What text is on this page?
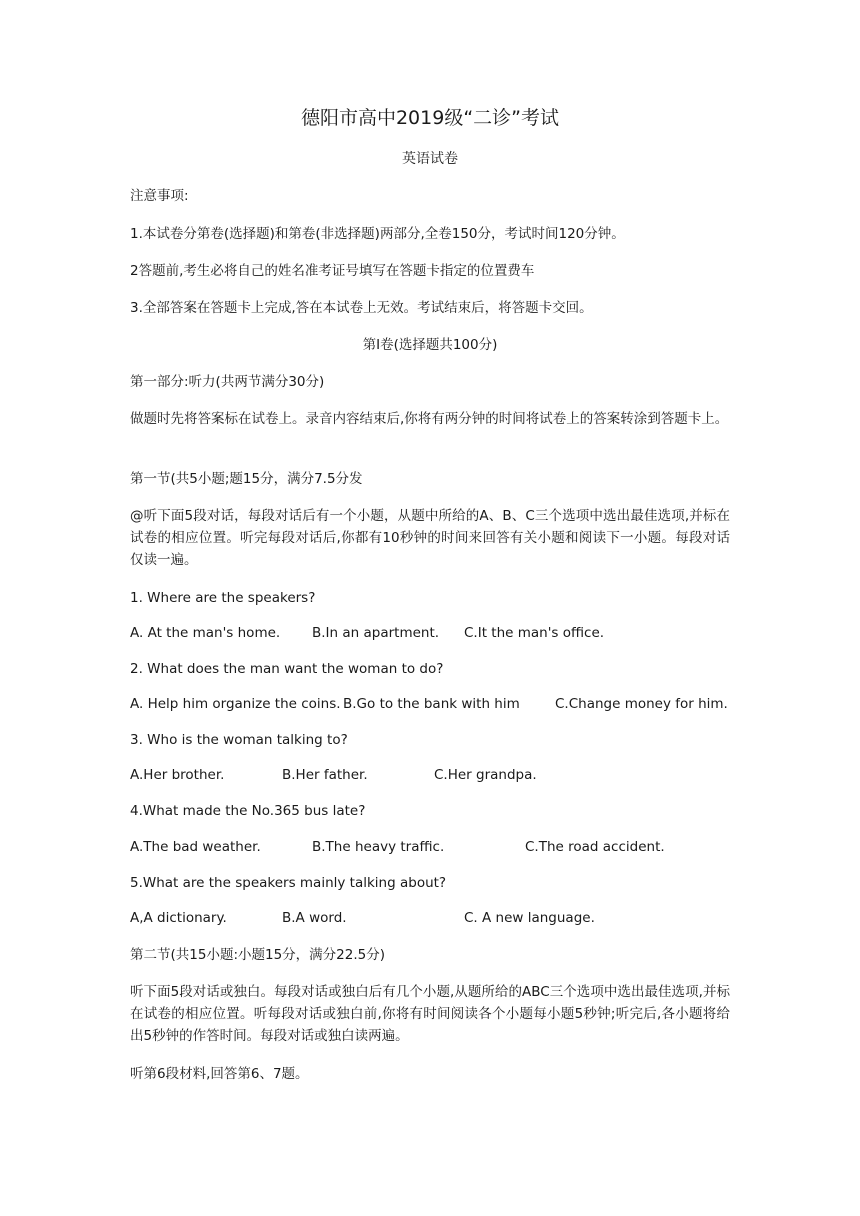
德阳市高中2019级“二诊”考试
英语试卷
注意事项:
1.本试卷分第卷(选择题)和第卷(非选择题)两部分,全卷150分，考试时间120分钟。
2答题前,考生必将自己的姓名准考证号填写在答题卡指定的位置费车
3.全部答案在答题卡上完成,答在本试卷上无效。考试结束后，将答题卡交回。
第I卷(选择题共100分)
第一部分:听力(共两节满分30分)
做题时先将答案标在试卷上。录音内容结束后,你将有两分钟的时间将试卷上的答案转涂到答题卡上。
第一节(共5小题;题15分，满分7.5分发
@听下面5段对话，每段对话后有一个小题，从题中所给的A、B、C三个选项中选出最佳选项,并标在试卷的相应位置。听完每段对话后,你都有10秒钟的时间来回答有关小题和阅读下一小题。每段对话仅读一遍。
1. Where are the speakers?
A. At the man's home. B.In an apartment. C.It the man's office.
2. What does the man want the woman to do?
A. Help him organize the coins. B.Go to the bank with him	C.Change money for him.
3. Who is the woman talking to?
A.Her brother.	B.Her father.	C.Her grandpa.
4.What made the No.365 bus late?
A.The bad weather.	B.The heavy traffic.	C.The road accident.
5.What are the speakers mainly talking about?
A,A dictionary.	B.A word.	C. A new language.
第二节(共15小题:小题15分，满分22.5分)
听下面5段对话或独白。每段对话或独白后有几个小题,从题所给的ABC三个选项中选出最佳选项,并标在试卷的相应位置。听每段对话或独白前,你将有时间阅读各个小题每小题5秒钟;听完后,各小题将给出5秒钟的作答时间。每段对话或独白读两遍。
听第6段材料,回答第6、7题。
